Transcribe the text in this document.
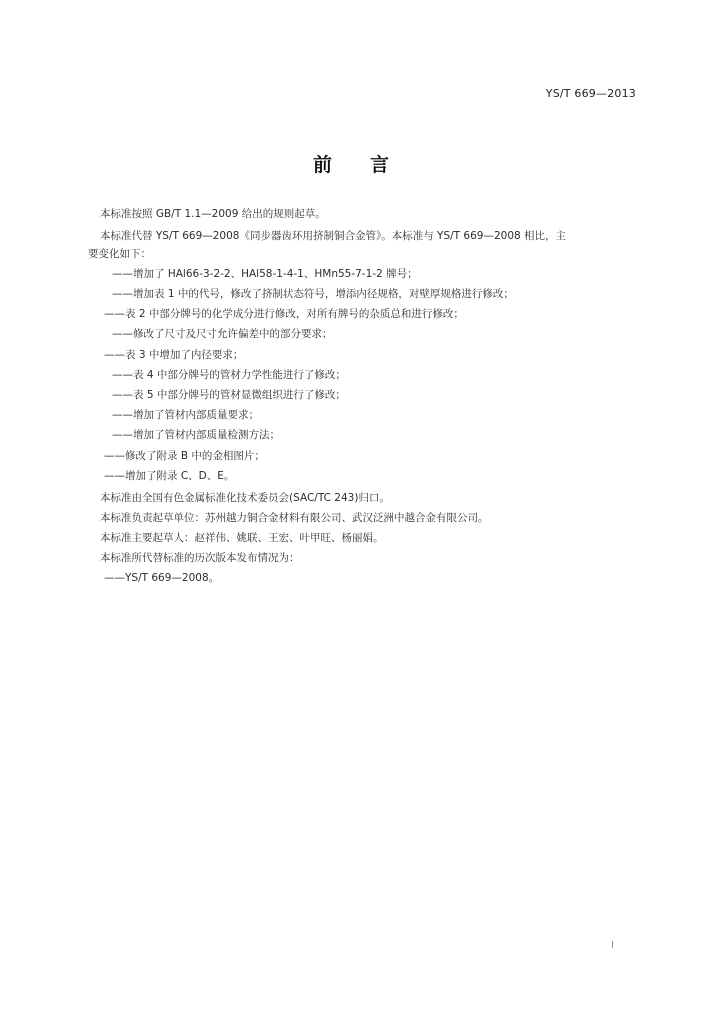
YS/T 669—2013
前言
本标准按照 GB/T 1.1—2009 给出的规则起草。
本标准代替 YS/T 669—2008《同步器齿环用挤制铜合金管》。本标准与 YS/T 669—2008 相比，主
要变化如下：
——增加了 HAl66-3-2-2、HAl58-1-4-1、HMn55-7-1-2 牌号；
——增加表 1 中的代号，修改了挤制状态符号，增添内径规格，对壁厚规格进行修改；
——表 2 中部分牌号的化学成分进行修改，对所有牌号的杂质总和进行修改；
——修改了尺寸及尺寸允许偏差中的部分要求；
——表 3 中增加了内径要求；
——表 4 中部分牌号的管材力学性能进行了修改；
——表 5 中部分牌号的管材显微组织进行了修改；
——增加了管材内部质量要求；
——增加了管材内部质量检测方法；
——修改了附录 B 中的金相图片；
——增加了附录 C、D、E。
本标准由全国有色金属标准化技术委员会(SAC/TC 243)归口。
本标准负责起草单位：苏州越力铜合金材料有限公司、武汉泛洲中越合金有限公司。
本标准主要起草人：赵祥伟、姚联、王宏、叶甲旺、杨丽娟。
本标准所代替标准的历次版本发布情况为：
——YS/T 669—2008。
I
